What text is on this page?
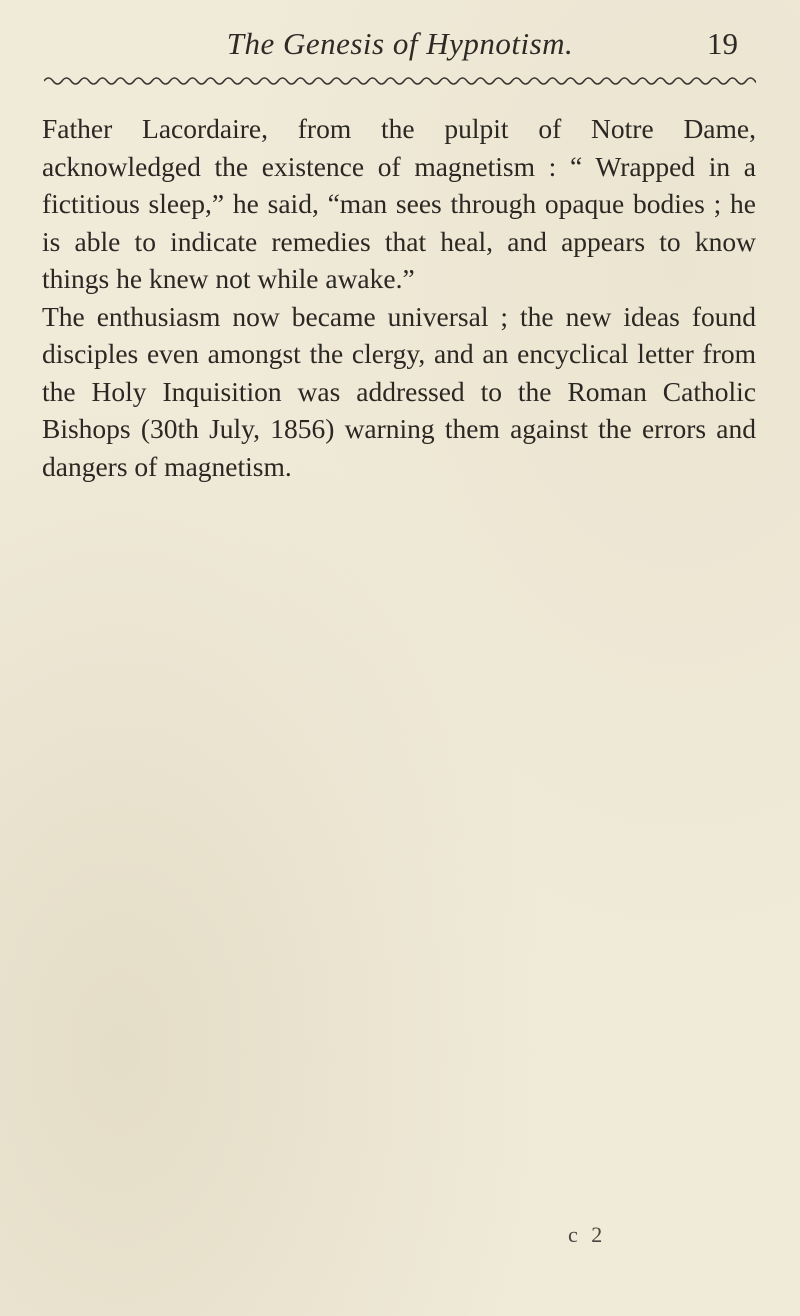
The Genesis of Hypnotism.	19

Father Lacordaire, from the pulpit of Notre Dame, acknowledged the existence of magnetism : “ Wrapped in a fictitious sleep,” he said, “man sees through opaque bodies ; he is able to indicate remedies that heal, and appears to know things he knew not while awake.”

The enthusiasm now became universal ; the new ideas found disciples even amongst the clergy, and an encyclical letter from the Holy Inquisition was addressed to the Roman Catholic Bishops (30th July, 1856) warning them against the errors and dangers of magnetism.

c 2
